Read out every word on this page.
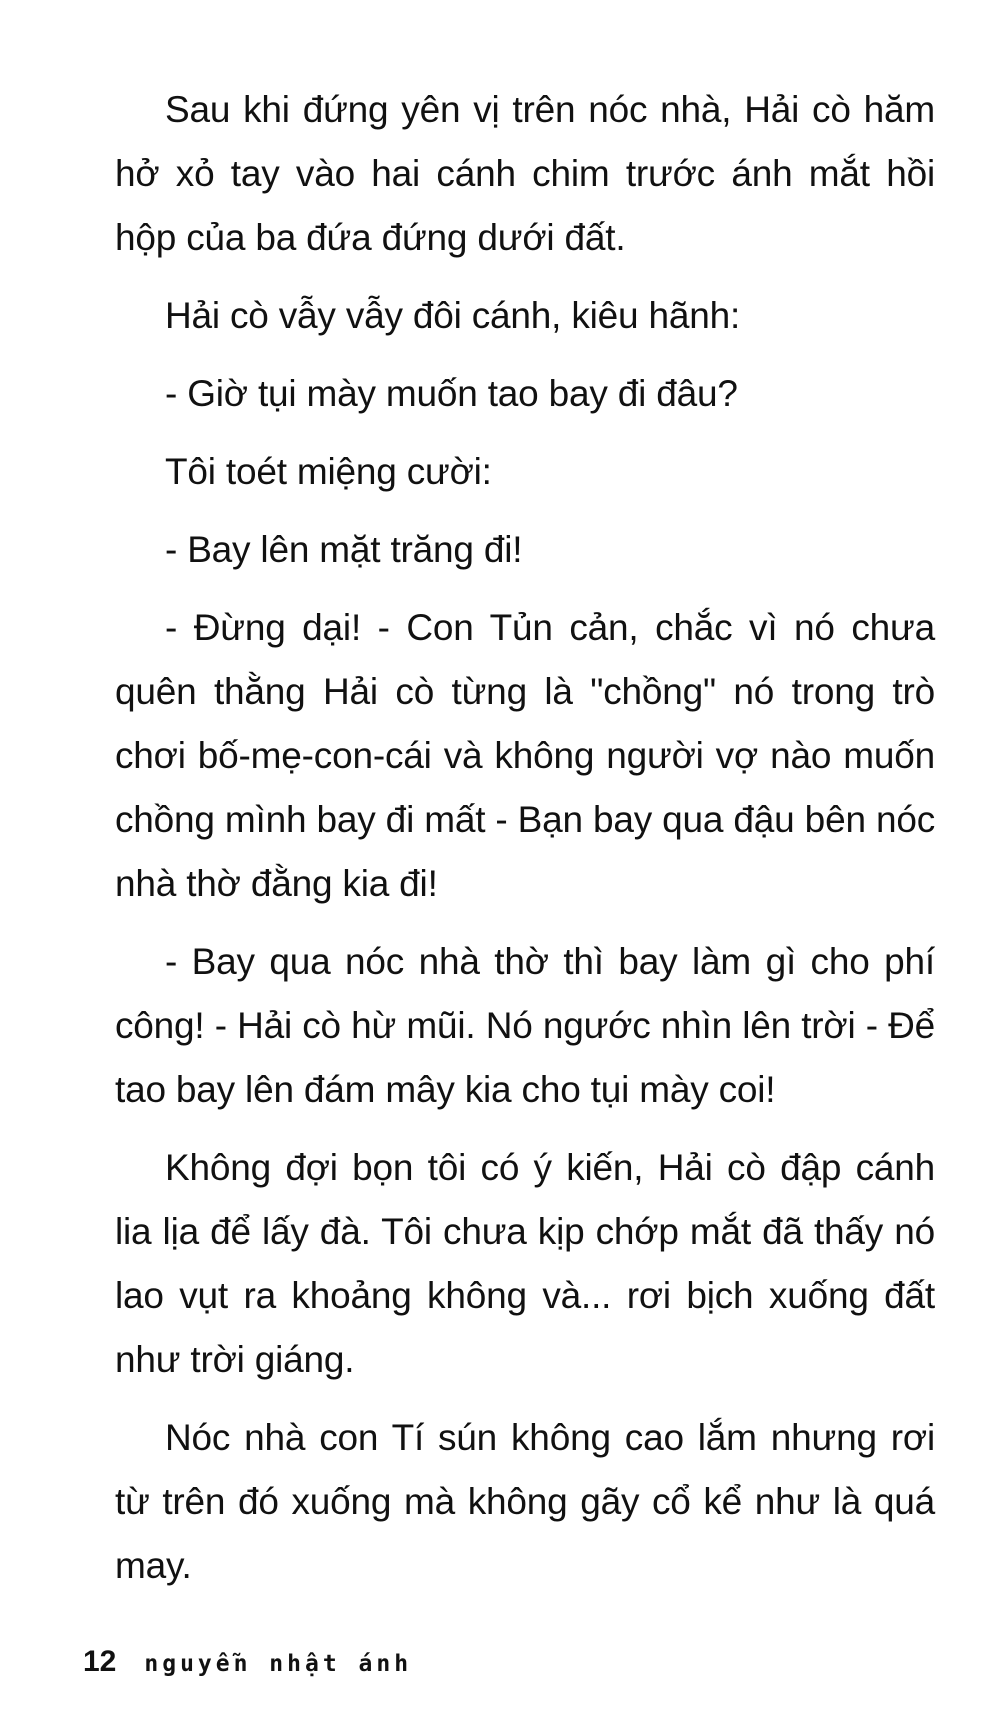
Sau khi đứng yên vị trên nóc nhà, Hải cò hăm hở xỏ tay vào hai cánh chim trước ánh mắt hồi hộp của ba đứa đứng dưới đất.

Hải cò vẫy vẫy đôi cánh, kiêu hãnh:

- Giờ tụi mày muốn tao bay đi đâu?

Tôi toét miệng cười:

- Bay lên mặt trăng đi!

- Đừng dại! - Con Tủn cản, chắc vì nó chưa quên thằng Hải cò từng là "chồng" nó trong trò chơi bố-mẹ-con-cái và không người vợ nào muốn chồng mình bay đi mất - Bạn bay qua đậu bên nóc nhà thờ đằng kia đi!

- Bay qua nóc nhà thờ thì bay làm gì cho phí công! - Hải cò hừ mũi. Nó ngước nhìn lên trời - Để tao bay lên đám mây kia cho tụi mày coi!

Không đợi bọn tôi có ý kiến, Hải cò đập cánh lia lịa để lấy đà. Tôi chưa kịp chớp mắt đã thấy nó lao vụt ra khoảng không và... rơi bịch xuống đất như trời giáng.

Nóc nhà con Tí sún không cao lắm nhưng rơi từ trên đó xuống mà không gãy cổ kể như là quá may.

12 nguyễn nhật ánh
